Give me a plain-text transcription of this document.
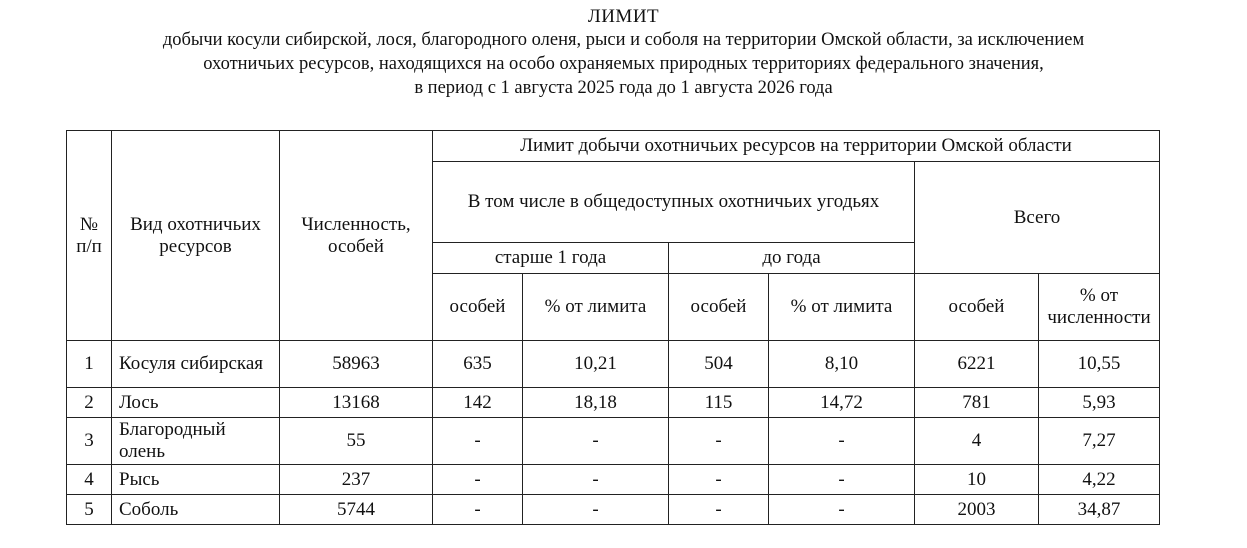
ЛИМИТ
добычи косули сибирской, лося, благородного оленя, рыси и соболя на территории Омской области, за исключением
охотничьих ресурсов, находящихся на особо охраняемых природных территориях федерального значения,
в период с 1 августа 2025 года до 1 августа 2026 года
№ п/п	Вид охотничьих ресурсов	Численность, особей	Лимит добычи охотничьих ресурсов на территории Омской области					
			В том числе в общедоступных охотничьих угодьях				Всего	
			старше 1 года		до года			
			особей	% от лимита	особей	% от лимита	особей	% от численности
1	Косуля сибирская	58963	635	10,21	504	8,10	6221	10,55
2	Лось	13168	142	18,18	115	14,72	781	5,93
3	Благородный олень	55	-	-	-	-	4	7,27
4	Рысь	237	-	-	-	-	10	4,22
5	Соболь	5744	-	-	-	-	2003	34,87
